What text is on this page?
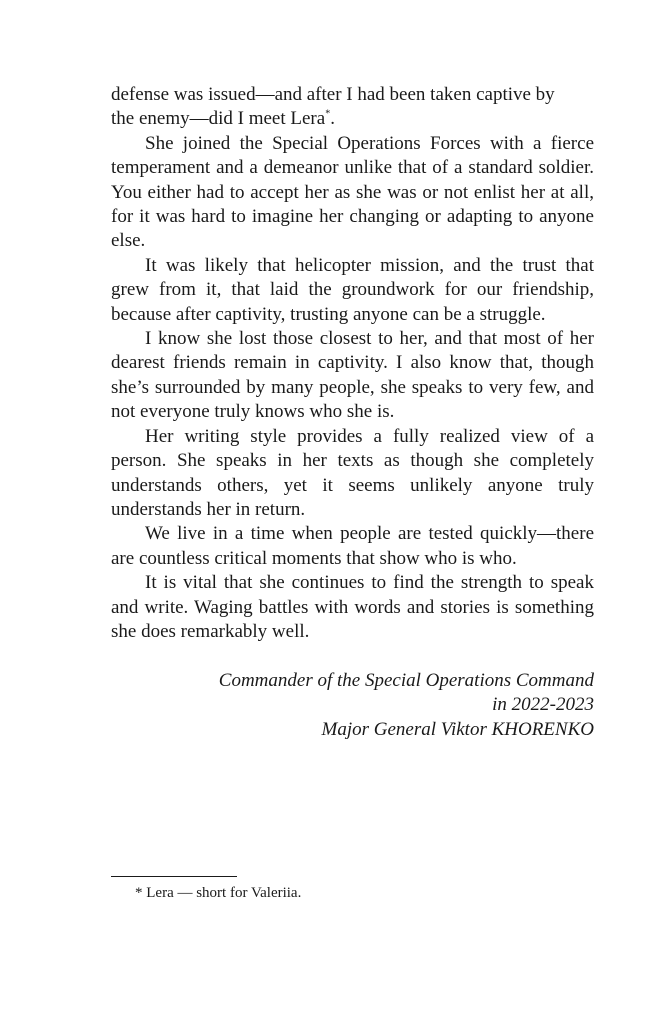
defense was issued—and after I had been taken captive by
the enemy—did I meet Lera*.

She joined the Special Operations Forces with a fierce temperament and a demeanor unlike that of a standard soldier. You either had to accept her as she was or not enlist her at all, for it was hard to imagine her changing or adapting to anyone else.

It was likely that helicopter mission, and the trust that grew from it, that laid the groundwork for our friendship, because after captivity, trusting anyone can be a struggle.

I know she lost those closest to her, and that most of her dearest friends remain in captivity. I also know that, though she’s surrounded by many people, she speaks to very few, and not everyone truly knows who she is.

Her writing style provides a fully realized view of a person. She speaks in her texts as though she completely understands others, yet it seems unlikely anyone truly understands her in return.

We live in a time when people are tested quickly—there are countless critical moments that show who is who.

It is vital that she continues to find the strength to speak and write. Waging battles with words and stories is something she does remarkably well.

Commander of the Special Operations Command
in 2022-2023
Major General Viktor KHORENKO
* Lera — short for Valeriia.
